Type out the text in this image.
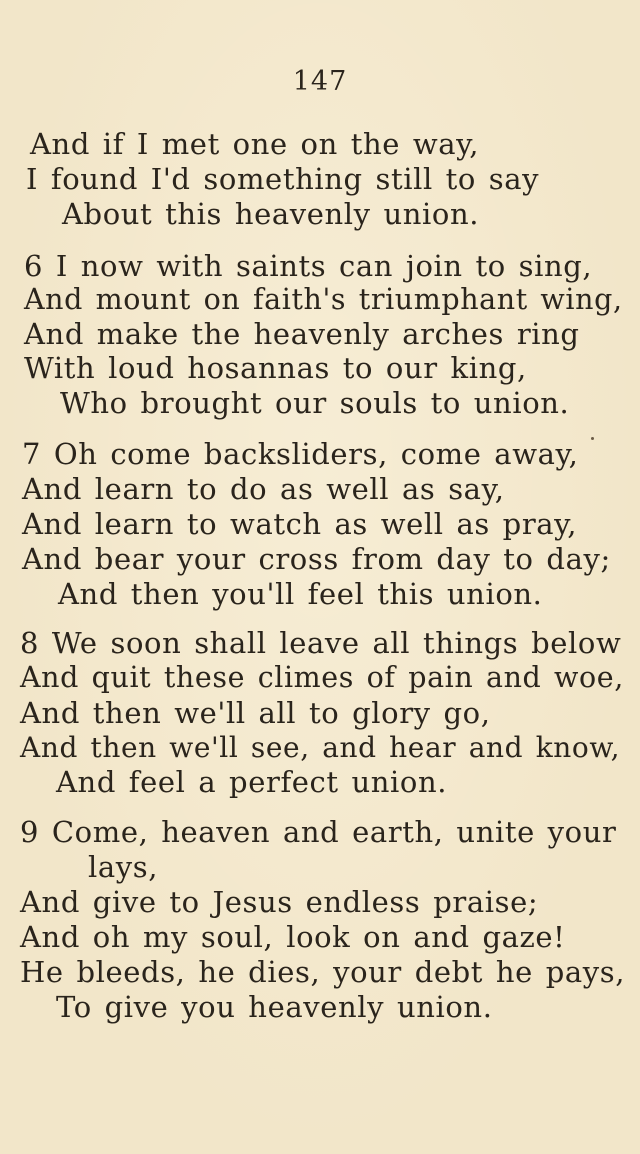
147
And if I met one on the way,
I found I'd something still to say
About this heavenly union.
6 I now with saints can join to sing,
And mount on faith's triumphant wing,
And make the heavenly arches ring
With loud hosannas to our king,
Who brought our souls to union.
7 Oh come backsliders, come away,
And learn to do as well as say,
And learn to watch as well as pray,
And bear your cross from day to day;
And then you'll feel this union.
8 We soon shall leave all things below
And quit these climes of pain and woe,
And then we'll all to glory go,
And then we'll see, and hear and know,
And feel a perfect union.
9 Come, heaven and earth, unite your
lays,
And give to Jesus endless praise;
And oh my soul, look on and gaze!
He bleeds, he dies, your debt he pays,
To give you heavenly union.
